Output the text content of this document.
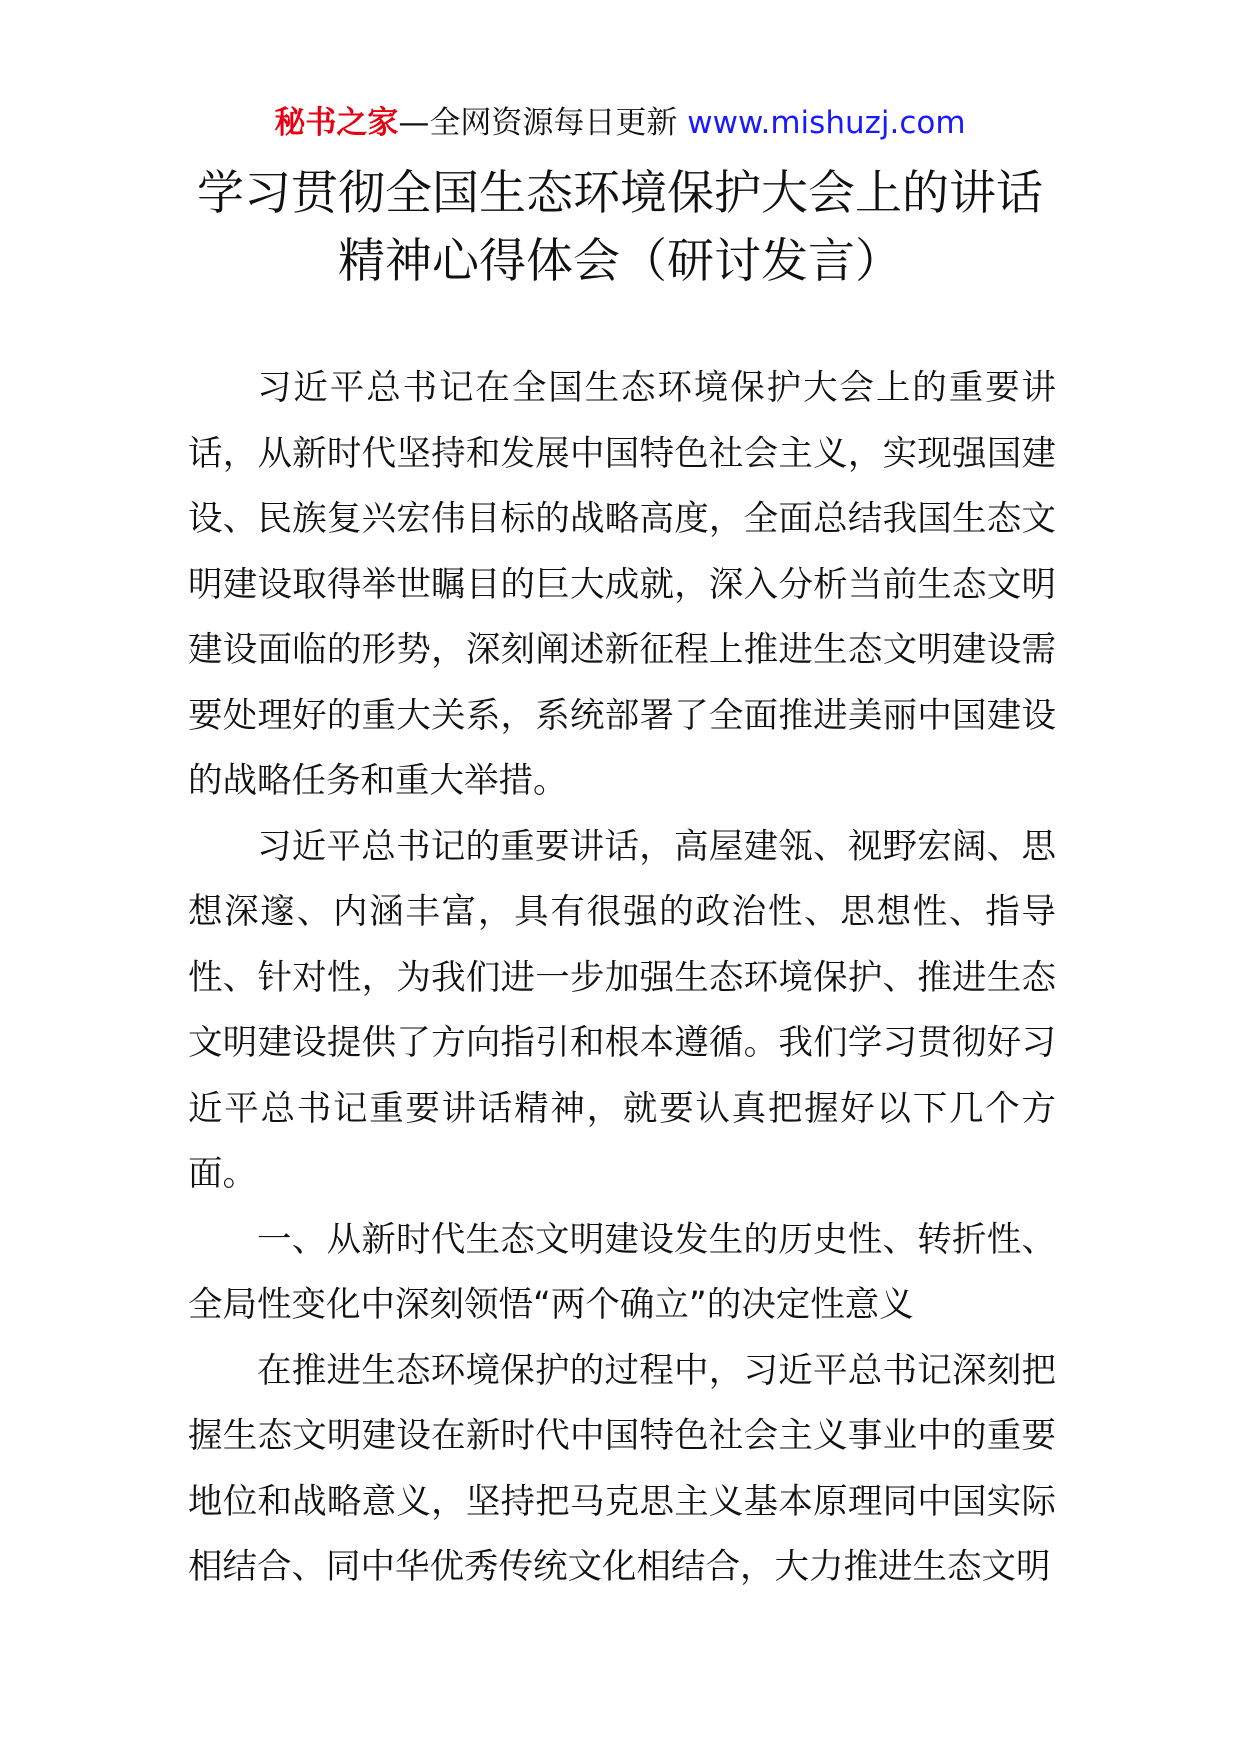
秘书之家—全网资源每日更新 www.mishuzj.com
学习贯彻全国生态环境保护大会上的讲话
精神心得体会（研讨发言）

习近平总书记在全国生态环境保护大会上的重要讲话，从新时代坚持和发展中国特色社会主义，实现强国建设、民族复兴宏伟目标的战略高度，全面总结我国生态文明建设取得举世瞩目的巨大成就，深入分析当前生态文明建设面临的形势，深刻阐述新征程上推进生态文明建设需要处理好的重大关系，系统部署了全面推进美丽中国建设的战略任务和重大举措。

习近平总书记的重要讲话，高屋建瓴、视野宏阔、思想深邃、内涵丰富，具有很强的政治性、思想性、指导性、针对性，为我们进一步加强生态环境保护、推进生态文明建设提供了方向指引和根本遵循。我们学习贯彻好习近平总书记重要讲话精神，就要认真把握好以下几个方面。

一、从新时代生态文明建设发生的历史性、转折性、全局性变化中深刻领悟“两个确立”的决定性意义

在推进生态环境保护的过程中，习近平总书记深刻把握生态文明建设在新时代中国特色社会主义事业中的重要地位和战略意义，坚持把马克思主义基本原理同中国实际相结合、同中华优秀传统文化相结合，大力推进生态文明
